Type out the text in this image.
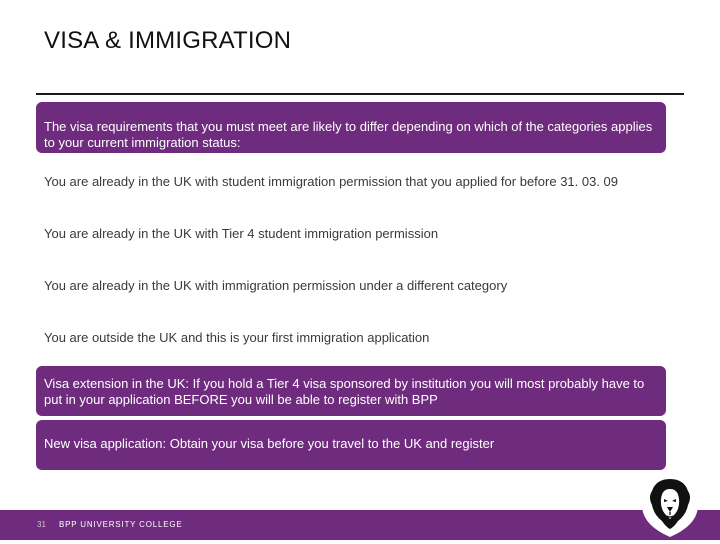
VISA & IMMIGRATION
The visa requirements that you must meet are likely to differ depending on which of the categories applies to your current immigration status:
You are already in the UK with student immigration permission that you applied for before 31. 03. 09
You are already in the UK with Tier 4 student immigration permission
You are already in the UK with immigration permission under a different category
You are outside the UK and this is your first immigration application
Visa extension in the UK: If you hold a Tier 4 visa sponsored by institution you will most probably have to put in your application BEFORE you will be able to register with BPP
New visa application: Obtain your visa before you travel to the UK and register
31 BPP UNIVERSITY COLLEGE
